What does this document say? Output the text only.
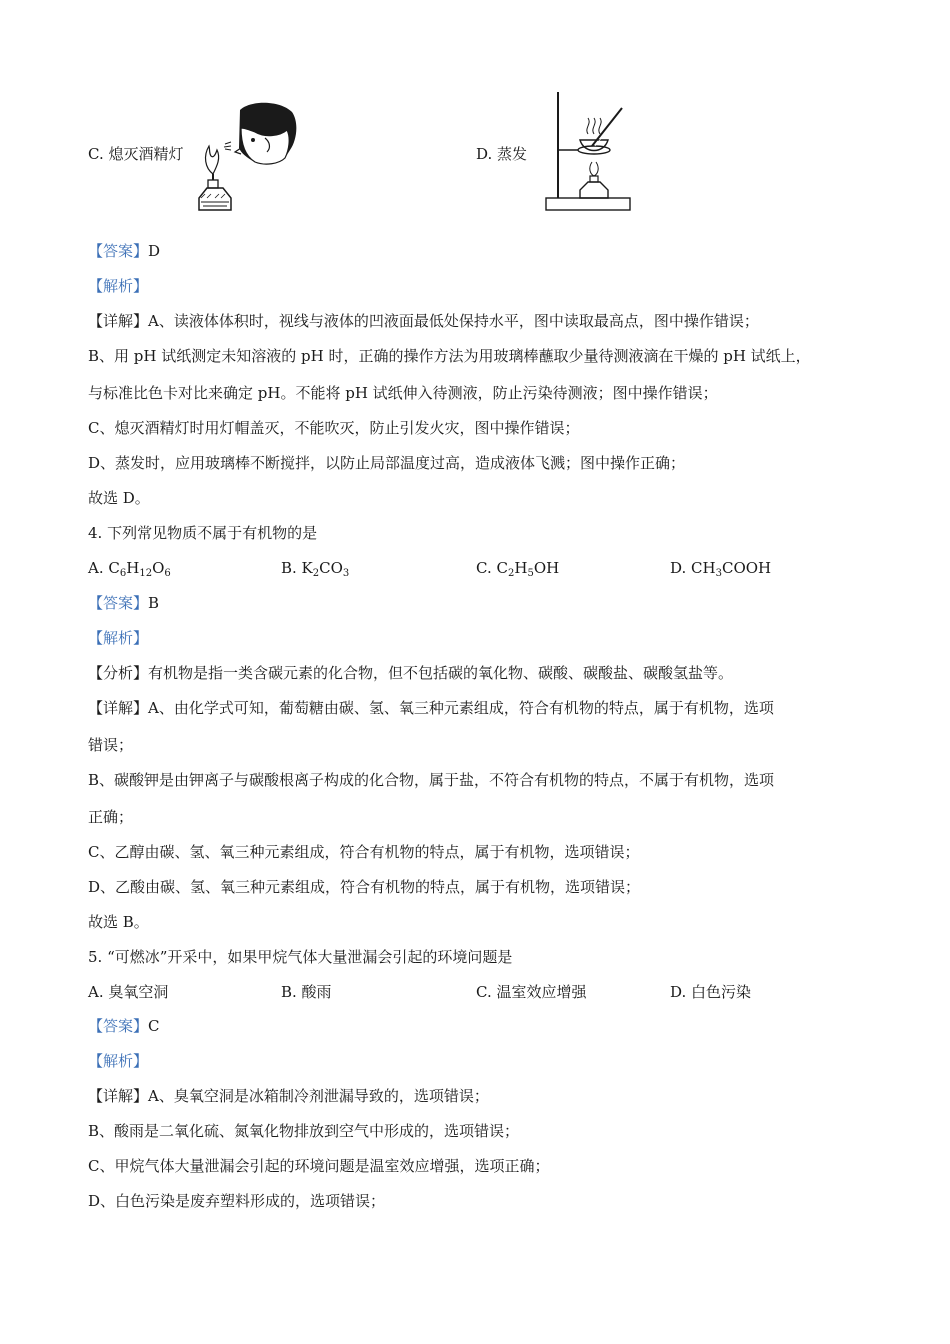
C. 熄灭酒精灯	D. 蒸发
【答案】D
【解析】
【详解】A、读液体体积时，视线与液体的凹液面最低处保持水平，图中读取最高点，图中操作错误；
B、用 pH 试纸测定未知溶液的 pH 时，正确的操作方法为用玻璃棒蘸取少量待测液滴在干燥的 pH 试纸上，
与标准比色卡对比来确定 pH。不能将 pH 试纸伸入待测液，防止污染待测液；图中操作错误；
C、熄灭酒精灯时用灯帽盖灭，不能吹灭，防止引发火灾，图中操作错误；
D、蒸发时，应用玻璃棒不断搅拌，以防止局部温度过高，造成液体飞溅；图中操作正确；
故选 D。
4. 下列常见物质不属于有机物的是
A. $C_6H_{12}O_6$	B. $K_2CO_3$	C. $C_2H_5OH$	D. $CH_3COOH$
【答案】B
【解析】
【分析】有机物是指一类含碳元素的化合物，但不包括碳的氧化物、碳酸、碳酸盐、碳酸氢盐等。
【详解】A、由化学式可知，葡萄糖由碳、氢、氧三种元素组成，符合有机物的特点，属于有机物，选项
错误；
B、碳酸钾是由钾离子与碳酸根离子构成的化合物，属于盐，不符合有机物的特点，不属于有机物，选项
正确；
C、乙醇由碳、氢、氧三种元素组成，符合有机物的特点，属于有机物，选项错误；
D、乙酸由碳、氢、氧三种元素组成，符合有机物的特点，属于有机物，选项错误；
故选 B。
5. “可燃冰”开采中，如果甲烷气体大量泄漏会引起的环境问题是
A. 臭氧空洞	B. 酸雨	C. 温室效应增强	D. 白色污染
【答案】C
【解析】
【详解】A、臭氧空洞是冰箱制冷剂泄漏导致的，选项错误；
B、酸雨是二氧化硫、氮氧化物排放到空气中形成的，选项错误；
C、甲烷气体大量泄漏会引起的环境问题是温室效应增强，选项正确；
D、白色污染是废弃塑料形成的，选项错误；
